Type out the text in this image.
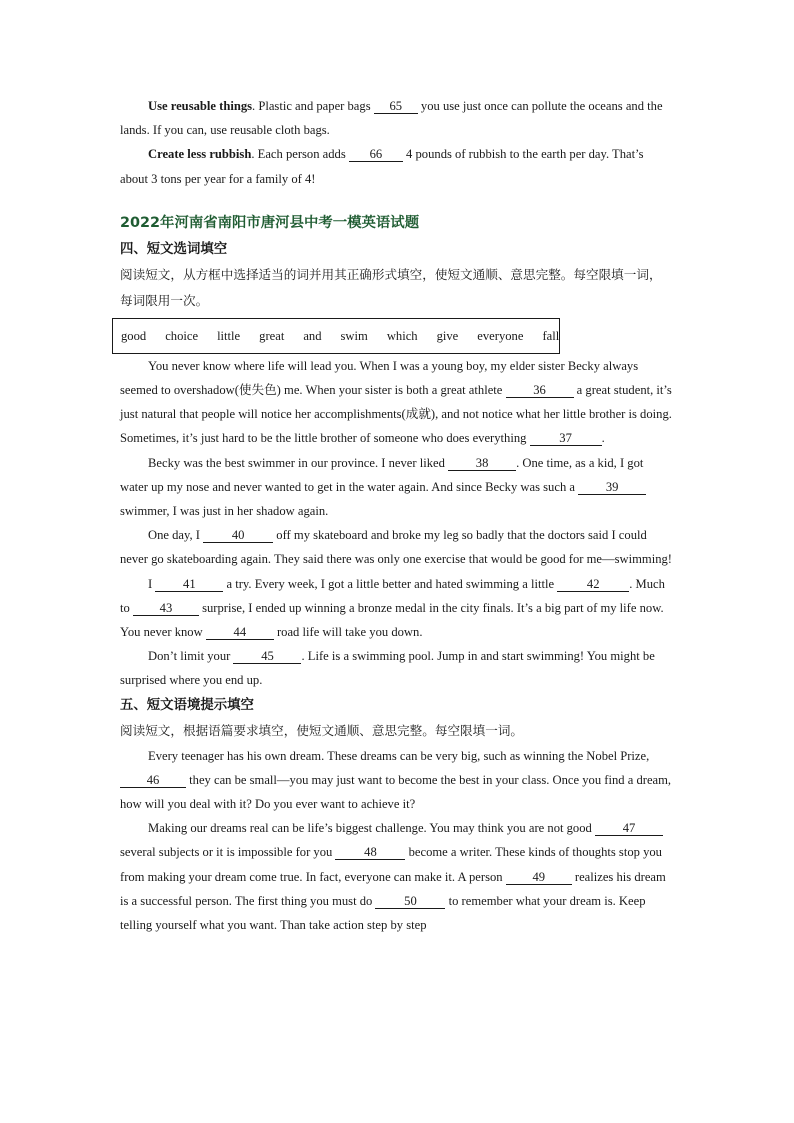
Use reusable things. Plastic and paper bags 65 you use just once can pollute the oceans and the lands. If you can, use reusable cloth bags.

Create less rubbish. Each person adds 66 4 pounds of rubbish to the earth per day. That’s about 3 tons per year for a family of 4!

2022年河南省南阳市唐河县中考一模英语试题

四、短文选词填空

阅读短文，从方框中选择适当的词并用其正确形式填空，使短文通顺、意思完整。每空限填一词，每词限用一次。

good choice little great and swim which give everyone fall

You never know where life will lead you. When I was a young boy, my elder sister Becky always seemed to overshadow(使失色) me. When your sister is both a great athlete 36 a great student, it’s just natural that people will notice her accomplishments(成就), and not notice what her little brother is doing. Sometimes, it’s just hard to be the little brother of someone who does everything 37 .

Becky was the best swimmer in our province. I never liked 38 . One time, as a kid, I got water up my nose and never wanted to get in the water again. And since Becky was such a 39 swimmer, I was just in her shadow again.

One day, I 40 off my skateboard and broke my leg so badly that the doctors said I could never go skateboarding again. They said there was only one exercise that would be good for me—swimming!

I 41 a try. Every week, I got a little better and hated swimming a little 42 . Much to 43 surprise, I ended up winning a bronze medal in the city finals. It’s a big part of my life now. You never know 44 road life will take you down.

Don’t limit your 45 . Life is a swimming pool. Jump in and start swimming! You might be surprised where you end up.

五、短文语境提示填空

阅读短文，根据语篇要求填空，使短文通顺、意思完整。每空限填一词。

Every teenager has his own dream. These dreams can be very big, such as winning the Nobel Prize, 46 they can be small—you may just want to become the best in your class. Once you find a dream, how will you deal with it? Do you ever want to achieve it?

Making our dreams real can be life’s biggest challenge. You may think you are not good 47 several subjects or it is impossible for you 48 become a writer. These kinds of thoughts stop you from making your dream come true. In fact, everyone can make it. A person 49 realizes his dream is a successful person. The first thing you must do 50 to remember what your dream is. Keep telling yourself what you want. Than take action step by step
